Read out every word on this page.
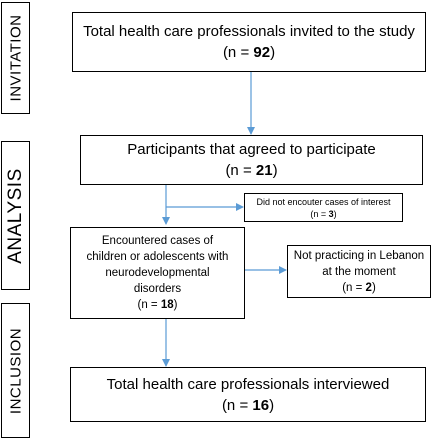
INVITATION
ANALYSIS
INCLUSION
Total health care professionals invited to the study
(n = 92)
Participants that agreed to participate
(n = 21)
Did not encouter cases of interest
(n = 3)
Encountered cases of
children or adolescents with
neurodevelopmental
disorders
(n = 18)
Not practicing in Lebanon
at the moment
(n = 2)
Total health care professionals interviewed
(n = 16)
